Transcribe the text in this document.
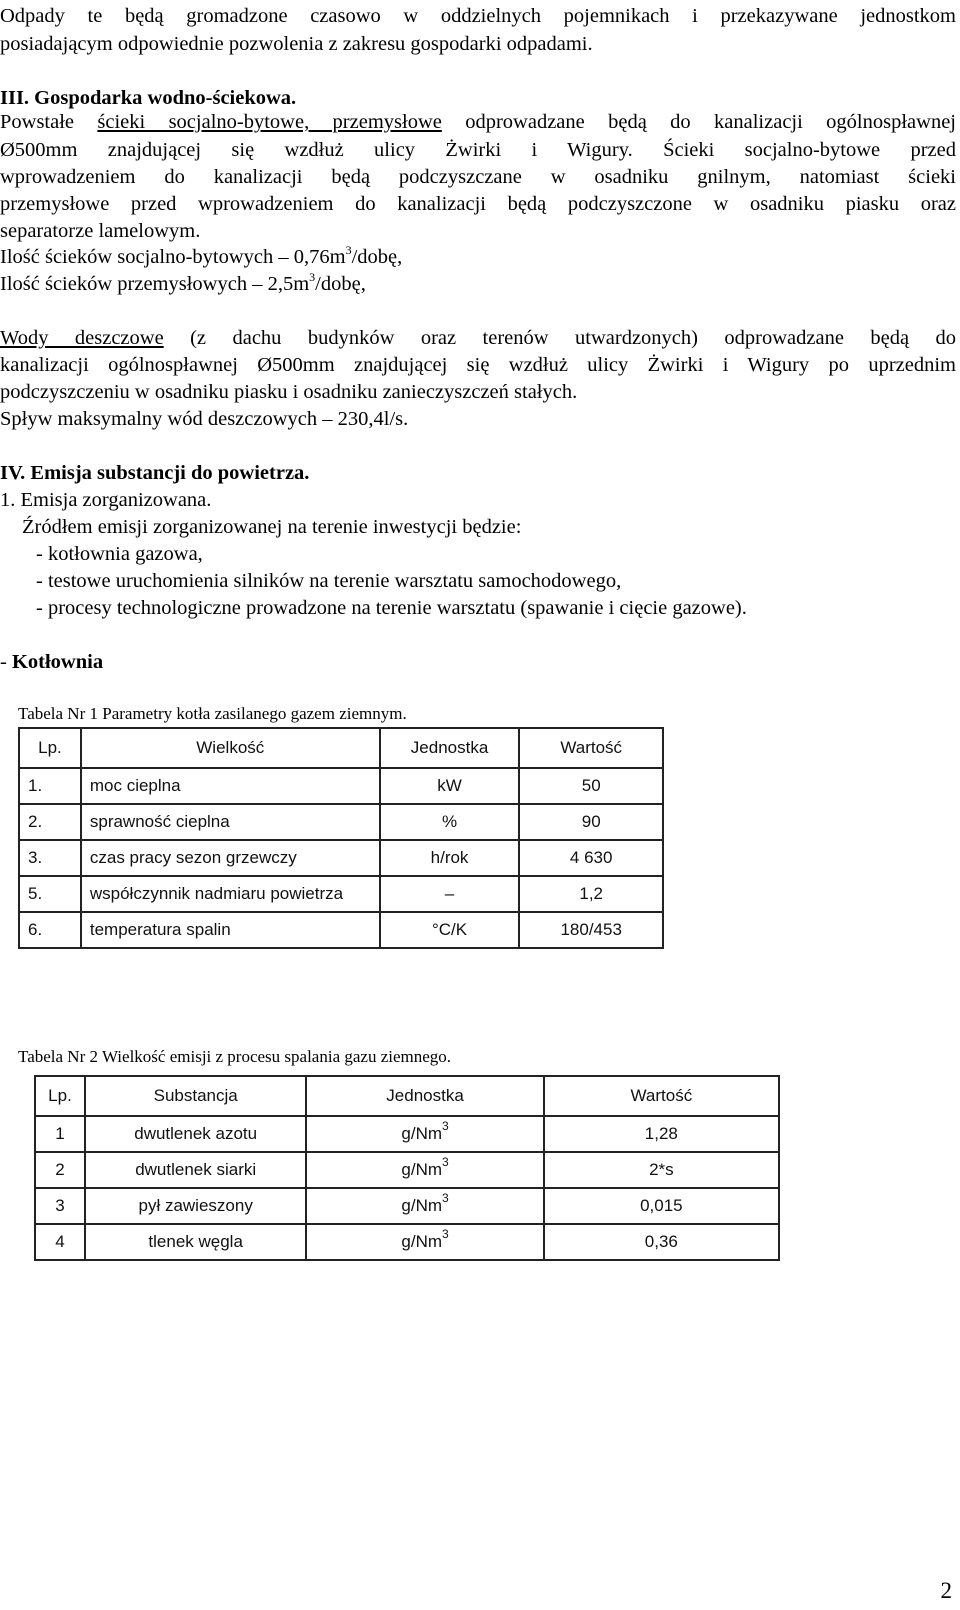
Odpady te będą gromadzone czasowo w oddzielnych pojemnikach i przekazywane jednostkom
posiadającym odpowiednie pozwolenia z zakresu gospodarki odpadami.
III. Gospodarka wodno-ściekowa.
Powstałe ścieki socjalno-bytowe, przemysłowe odprowadzane będą do kanalizacji ogólnospławnej
Ø500mm znajdującej się wzdłuż ulicy Żwirki i Wigury. Ścieki socjalno-bytowe przed
wprowadzeniem do kanalizacji będą podczyszczane w osadniku gnilnym, natomiast ścieki
przemysłowe przed wprowadzeniem do kanalizacji będą podczyszczone w osadniku piasku oraz
separatorze lamelowym.
Ilość ścieków socjalno-bytowych – $0,76m^3$/dobę,
Ilość ścieków przemysłowych – $2,5m^3$/dobę,
Wody deszczowe (z dachu budynków oraz terenów utwardzonych) odprowadzane będą do
kanalizacji ogólnospławnej Ø500mm znajdującej się wzdłuż ulicy Żwirki i Wigury po uprzednim
podczyszczeniu w osadniku piasku i osadniku zanieczyszczeń stałych.
Spływ maksymalny wód deszczowych – 230,4l/s.
IV. Emisja substancji do powietrza.
1. Emisja zorganizowana.
Źródłem emisji zorganizowanej na terenie inwestycji będzie:
- kotłownia gazowa,
- testowe uruchomienia silników na terenie warsztatu samochodowego,
- procesy technologiczne prowadzone na terenie warsztatu (spawanie i cięcie gazowe).
- Kotłownia
Tabela Nr 1 Parametry kotła zasilanego gazem ziemnym.
Lp.	Wielkość	Jednostka	Wartość
1.	moc cieplna	kW	50
2.	sprawność cieplna	%	90
3.	czas pracy sezon grzewczy	h/rok	4 630
5.	współczynnik nadmiaru powietrza	–	1,2
6.	temperatura spalin	°C/K	180/453
Tabela Nr 2 Wielkość emisji z procesu spalania gazu ziemnego.
Lp.	Substancja	Jednostka	Wartość
1	dwutlenek azotu	g/Nm$^3$	1,28
2	dwutlenek siarki	g/Nm$^3$	2*s
3	pył zawieszony	g/Nm$^3$	0,015
4	tlenek węgla	g/Nm$^3$	0,36
2
